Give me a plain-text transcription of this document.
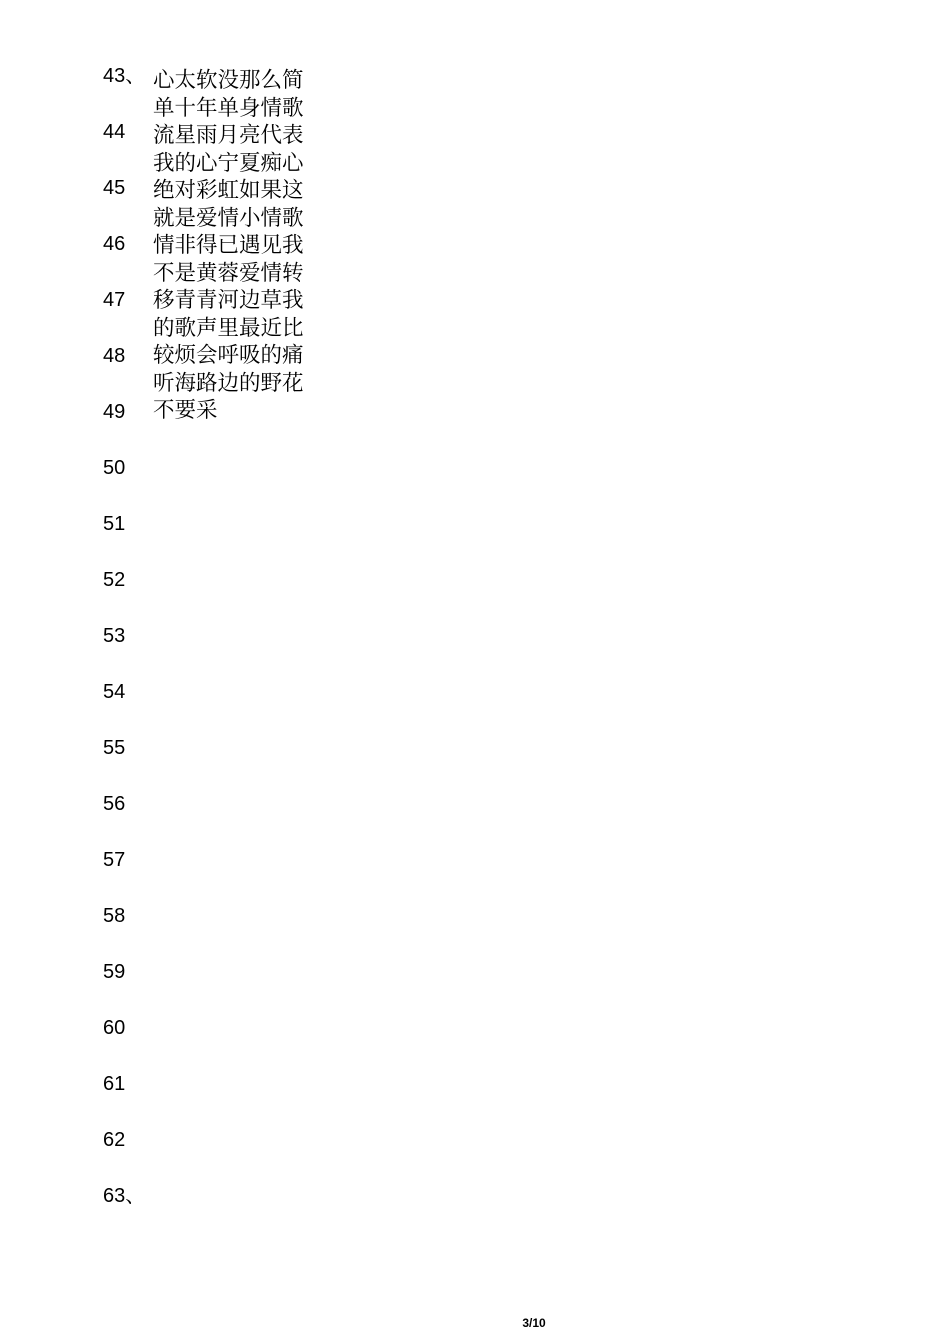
43、
44
45
46
47
48
49
50
51
52
53
54
55
56
57
58
59
60
61
62
63、
心太软没那么简单十年单身情歌流星雨月亮代表我的心宁夏痴心绝对彩虹如果这就是爱情小情歌情非得已遇见我不是黄蓉爱情转移青青河边草我的歌声里最近比较烦会呼吸的痛听海路边的野花不要采
3/10
